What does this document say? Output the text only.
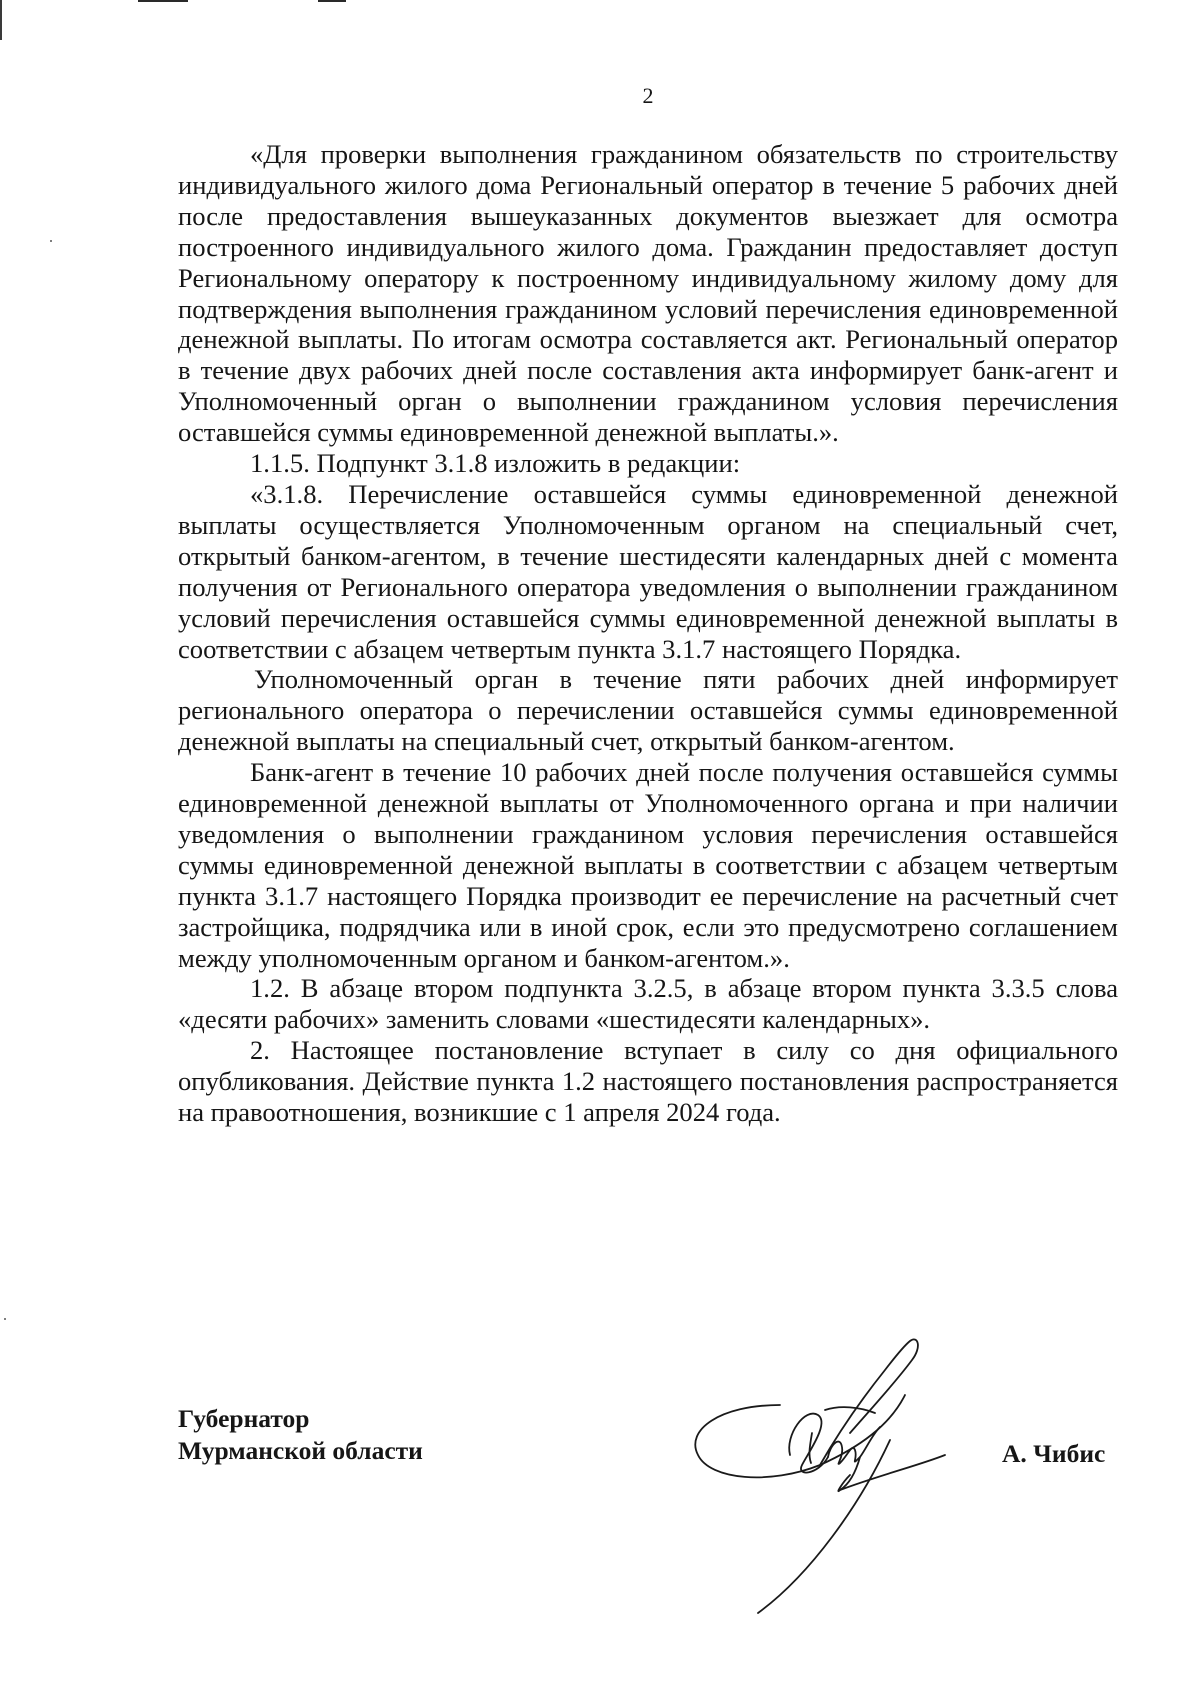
2

«Для проверки выполнения гражданином обязательств по строительству индивидуального жилого дома Региональный оператор в течение 5 рабочих дней после предоставления вышеуказанных документов выезжает для осмотра построенного индивидуального жилого дома. Гражданин предоставляет доступ Региональному оператору к построенному индивидуальному жилому дому для подтверждения выполнения гражданином условий перечисления единовременной денежной выплаты. По итогам осмотра составляется акт. Региональный оператор в течение двух рабочих дней после составления акта информирует банк-агент и Уполномоченный орган о выполнении гражданином условия перечисления оставшейся суммы единовременной денежной выплаты.».

1.1.5. Подпункт 3.1.8 изложить в редакции:

«3.1.8. Перечисление оставшейся суммы единовременной денежной выплаты осуществляется Уполномоченным органом на специальный счет, открытый банком-агентом, в течение шестидесяти календарных дней с момента получения от Регионального оператора уведомления о выполнении гражданином условий перечисления оставшейся суммы единовременной денежной выплаты в соответствии с абзацем четвертым пункта 3.1.7 настоящего Порядка.

Уполномоченный орган в течение пяти рабочих дней информирует регионального оператора о перечислении оставшейся суммы единовременной денежной выплаты на специальный счет, открытый банком-агентом.

Банк-агент в течение 10 рабочих дней после получения оставшейся суммы единовременной денежной выплаты от Уполномоченного органа и при наличии уведомления о выполнении гражданином условия перечисления оставшейся суммы единовременной денежной выплаты в соответствии с абзацем четвертым пункта 3.1.7 настоящего Порядка производит ее перечисление на расчетный счет застройщика, подрядчика или в иной срок, если это предусмотрено соглашением между уполномоченным органом и банком-агентом.».

1.2. В абзаце втором подпункта 3.2.5, в абзаце втором пункта 3.3.5 слова «десяти рабочих» заменить словами «шестидесяти календарных».

2. Настоящее постановление вступает в силу со дня официального опубликования. Действие пункта 1.2 настоящего постановления распространяется на правоотношения, возникшие с 1 апреля 2024 года.

Губернатор
Мурманской области	А. Чибис
